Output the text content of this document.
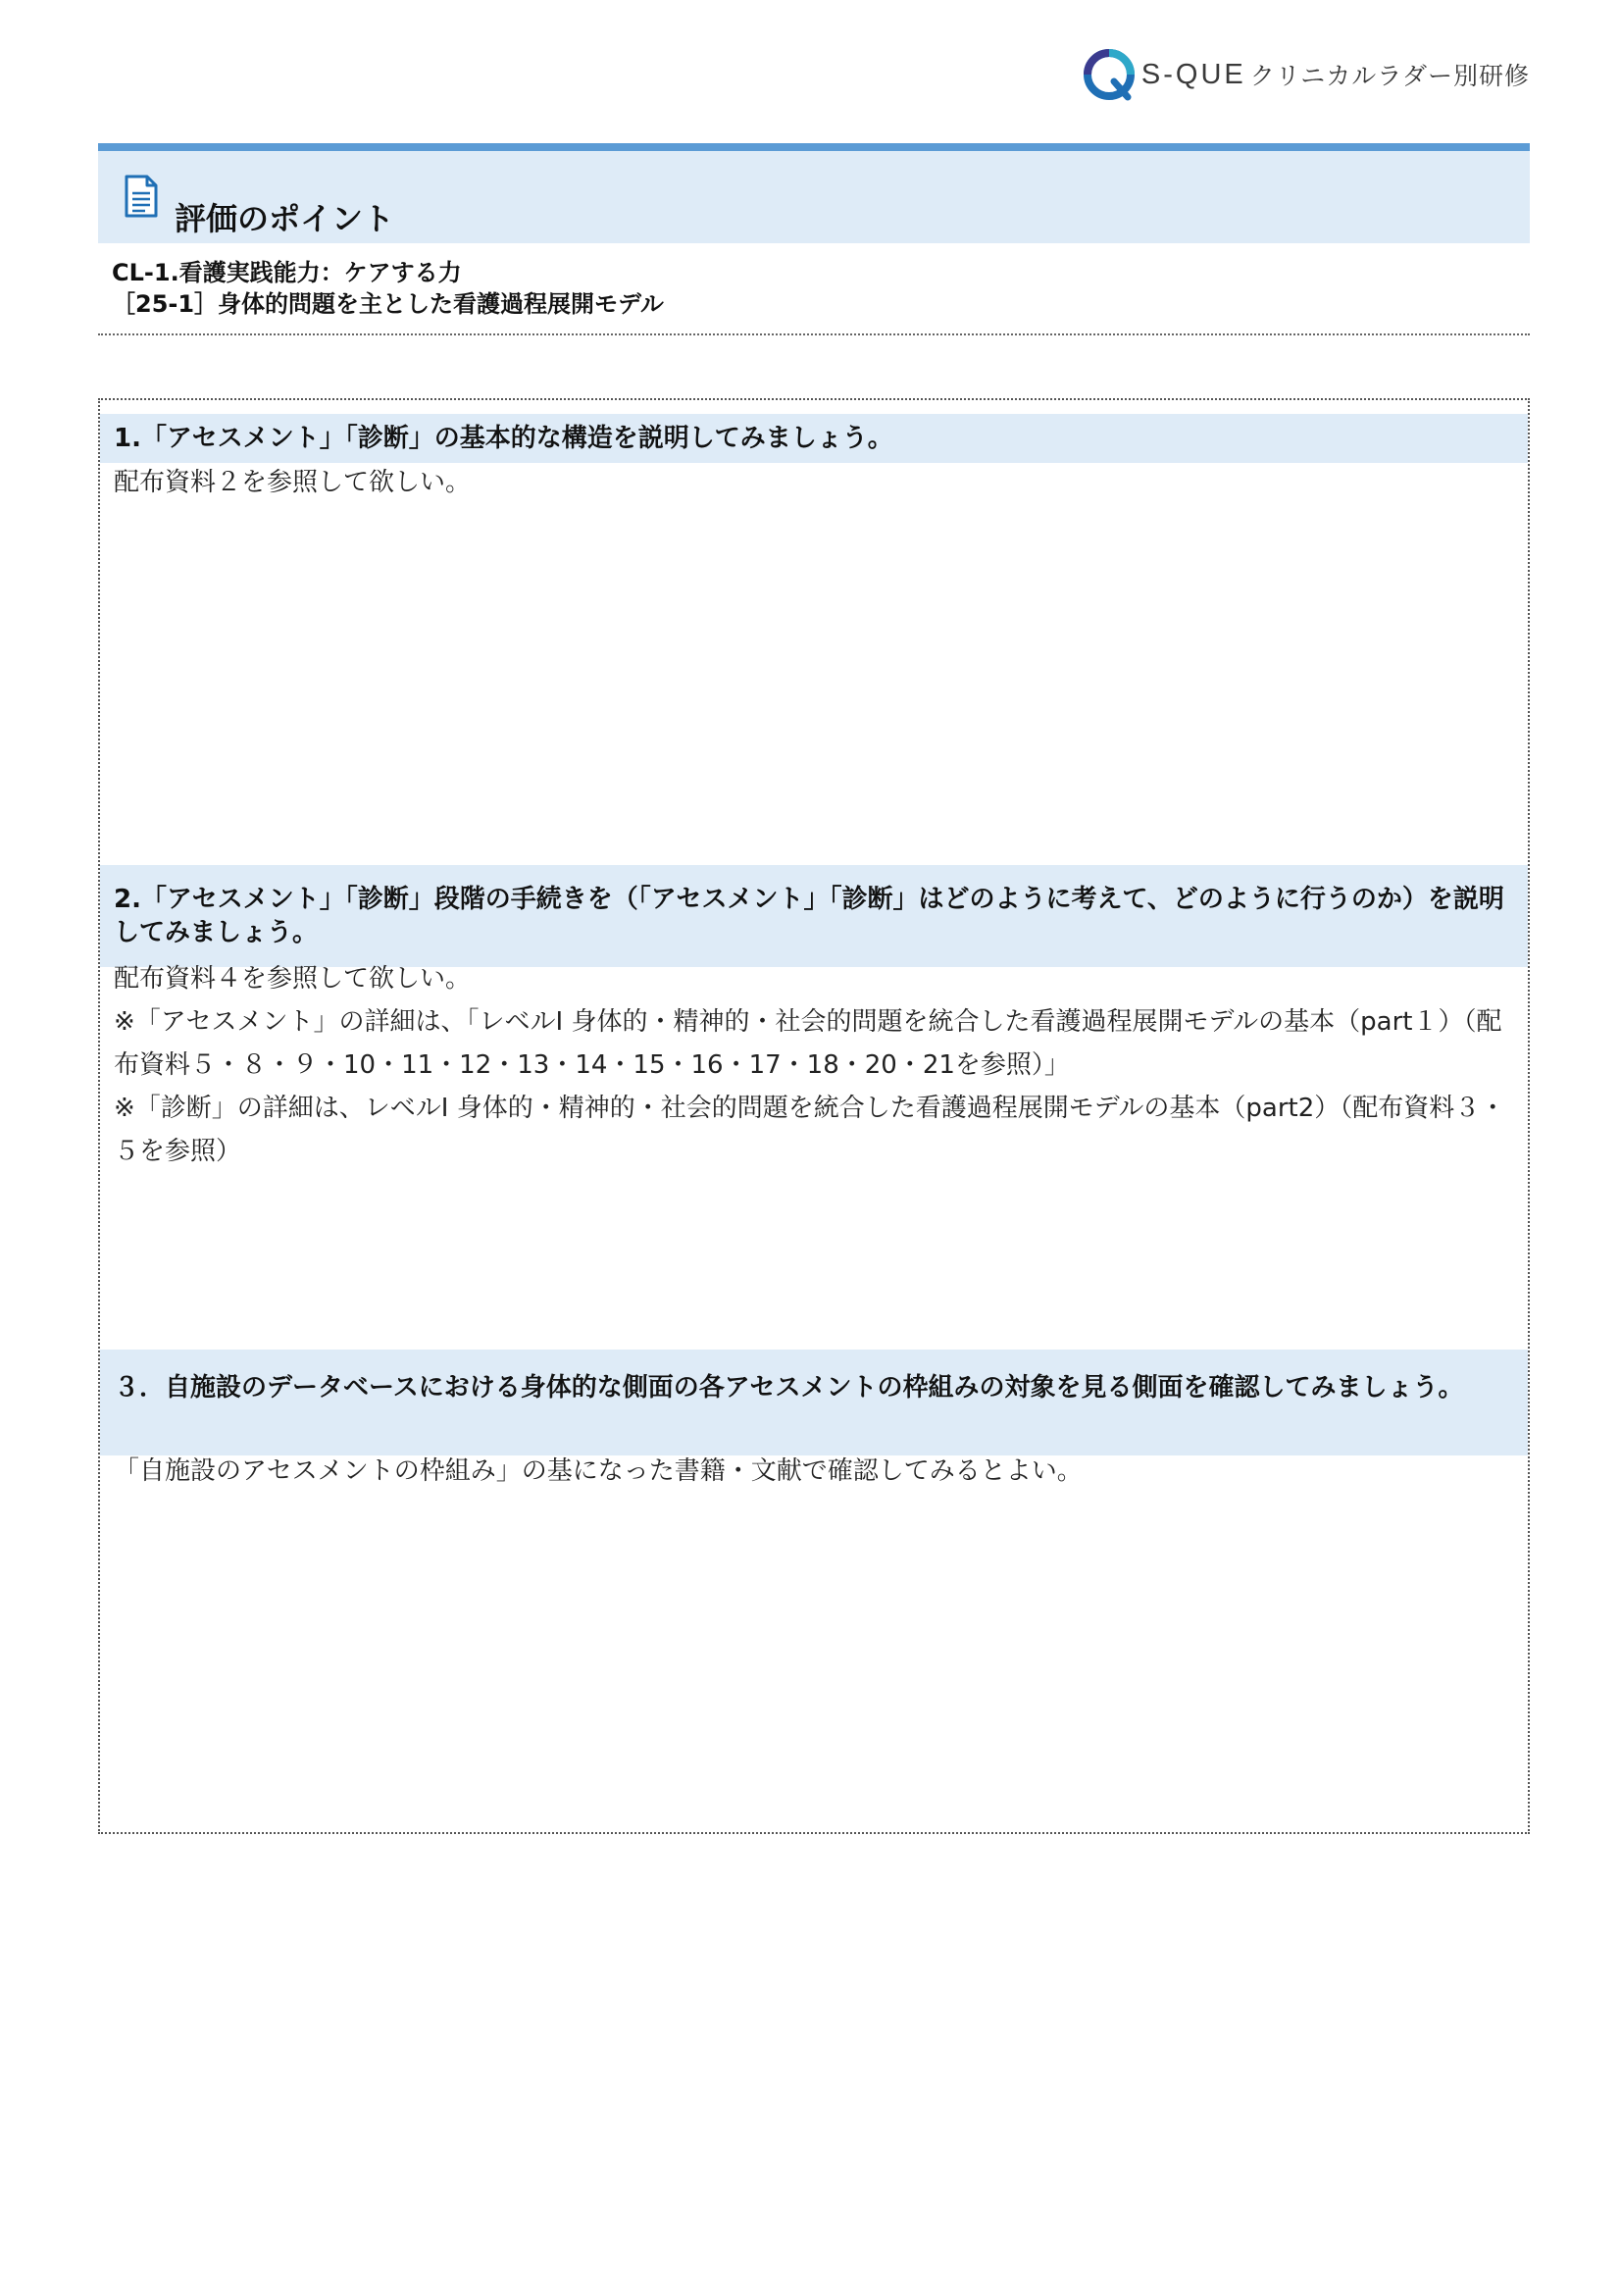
S-QUE クリニカルラダー別研修
評価のポイント
CL-1.看護実践能力：ケアする力
［25-1］身体的問題を主とした看護過程展開モデル
1.「アセスメント」「診断」の基本的な構造を説明してみましょう。

配布資料２を参照して欲しい。

2.「アセスメント」「診断」段階の手続きを（「アセスメント」「診断」はどのように考えて、どのように行うのか）を説明してみましょう。

配布資料４を参照して欲しい。

※「アセスメント」の詳細は、「レベルⅠ 身体的・精神的・社会的問題を統合した看護過程展開モデルの基本（part１）（配布資料５・８・９・10・11・12・13・14・15・16・17・18・20・21を参照）」

※「診断」の詳細は、レベルⅠ 身体的・精神的・社会的問題を統合した看護過程展開モデルの基本（part2）（配布資料３・５を参照）

３．自施設のデータベースにおける身体的な側面の各アセスメントの枠組みの対象を見る側面を確認してみましょう。

「自施設のアセスメントの枠組み」の基になった書籍・文献で確認してみるとよい。
